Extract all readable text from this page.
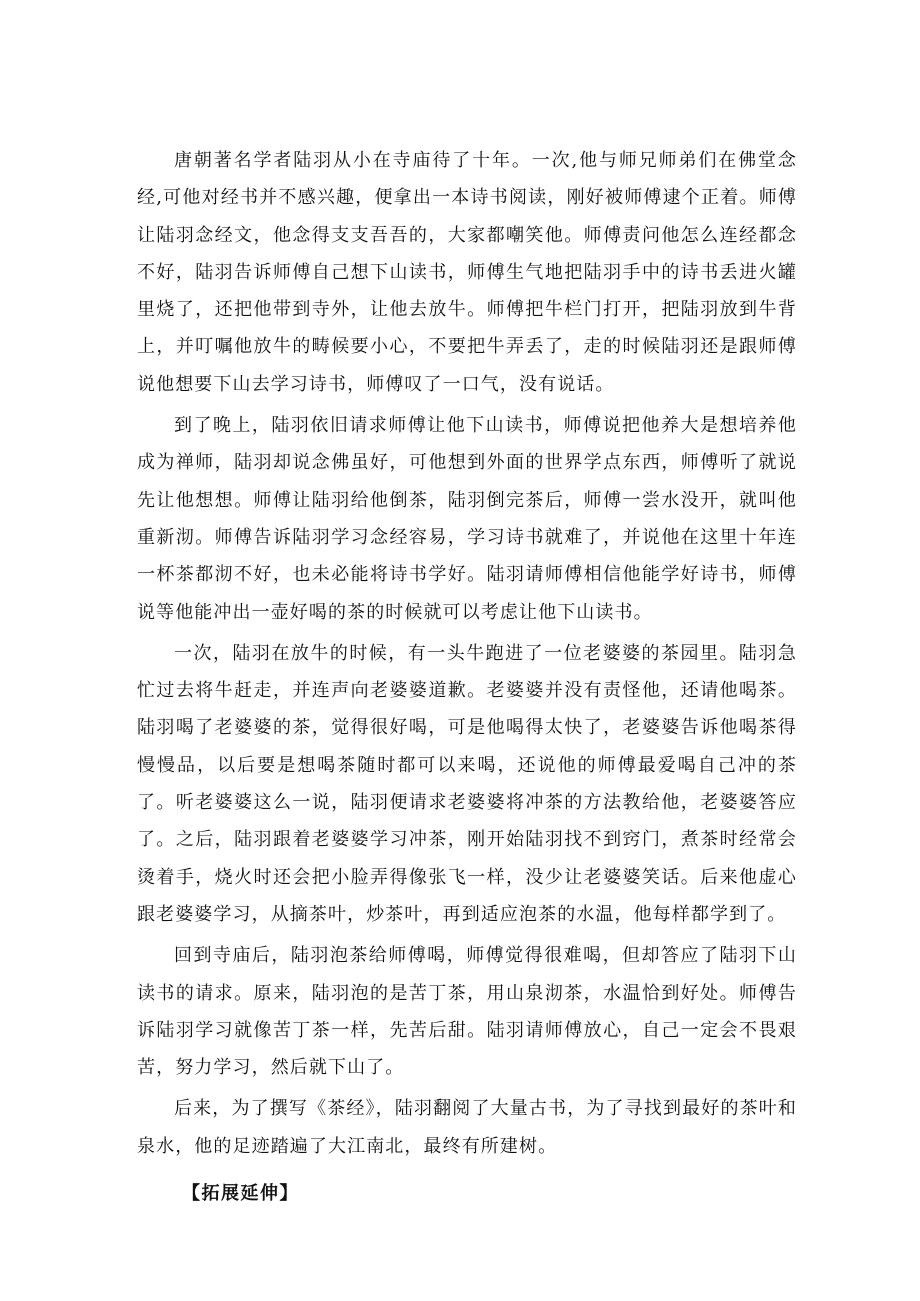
唐朝著名学者陆羽从小在寺庙待了十年。一次,他与师兄师弟们在佛堂念经,可他对经书并不感兴趣，便拿出一本诗书阅读，刚好被师傅逮个正着。师傅让陆羽念经文，他念得支支吾吾的，大家都嘲笑他。师傅责问他怎么连经都念不好，陆羽告诉师傅自己想下山读书，师傅生气地把陆羽手中的诗书丢进火罐里烧了，还把他带到寺外，让他去放牛。师傅把牛栏门打开，把陆羽放到牛背上，并叮嘱他放牛的畴候要小心，不要把牛弄丢了，走的时候陆羽还是跟师傅说他想要下山去学习诗书，师傅叹了一口气，没有说话。

到了晚上，陆羽依旧请求师傅让他下山读书，师傅说把他养大是想培养他成为禅师，陆羽却说念佛虽好，可他想到外面的世界学点东西，师傅听了就说先让他想想。师傅让陆羽给他倒茶，陆羽倒完茶后，师傅一尝水没开，就叫他重新沏。师傅告诉陆羽学习念经容易，学习诗书就难了，并说他在这里十年连一杯茶都沏不好，也未必能将诗书学好。陆羽请师傅相信他能学好诗书，师傅说等他能冲出一壶好喝的茶的时候就可以考虑让他下山读书。

一次，陆羽在放牛的时候，有一头牛跑进了一位老婆婆的茶园里。陆羽急忙过去将牛赶走，并连声向老婆婆道歉。老婆婆并没有责怪他，还请他喝茶。陆羽喝了老婆婆的茶，觉得很好喝，可是他喝得太快了，老婆婆告诉他喝茶得慢慢品，以后要是想喝茶随时都可以来喝，还说他的师傅最爱喝自己冲的茶了。听老婆婆这么一说，陆羽便请求老婆婆将冲茶的方法教给他，老婆婆答应了。之后，陆羽跟着老婆婆学习冲茶，刚开始陆羽找不到窍门，煮茶时经常会烫着手，烧火时还会把小脸弄得像张飞一样，没少让老婆婆笑话。后来他虚心跟老婆婆学习，从摘茶叶，炒茶叶，再到适应泡茶的水温，他每样都学到了。

回到寺庙后，陆羽泡茶给师傅喝，师傅觉得很难喝，但却答应了陆羽下山读书的请求。原来，陆羽泡的是苦丁茶，用山泉沏茶，水温恰到好处。师傅告诉陆羽学习就像苦丁茶一样，先苦后甜。陆羽请师傅放心，自己一定会不畏艰苦，努力学习，然后就下山了。

后来，为了撰写《茶经》，陆羽翻阅了大量古书，为了寻找到最好的茶叶和泉水，他的足迹踏遍了大江南北，最终有所建树。

【拓展延伸】
